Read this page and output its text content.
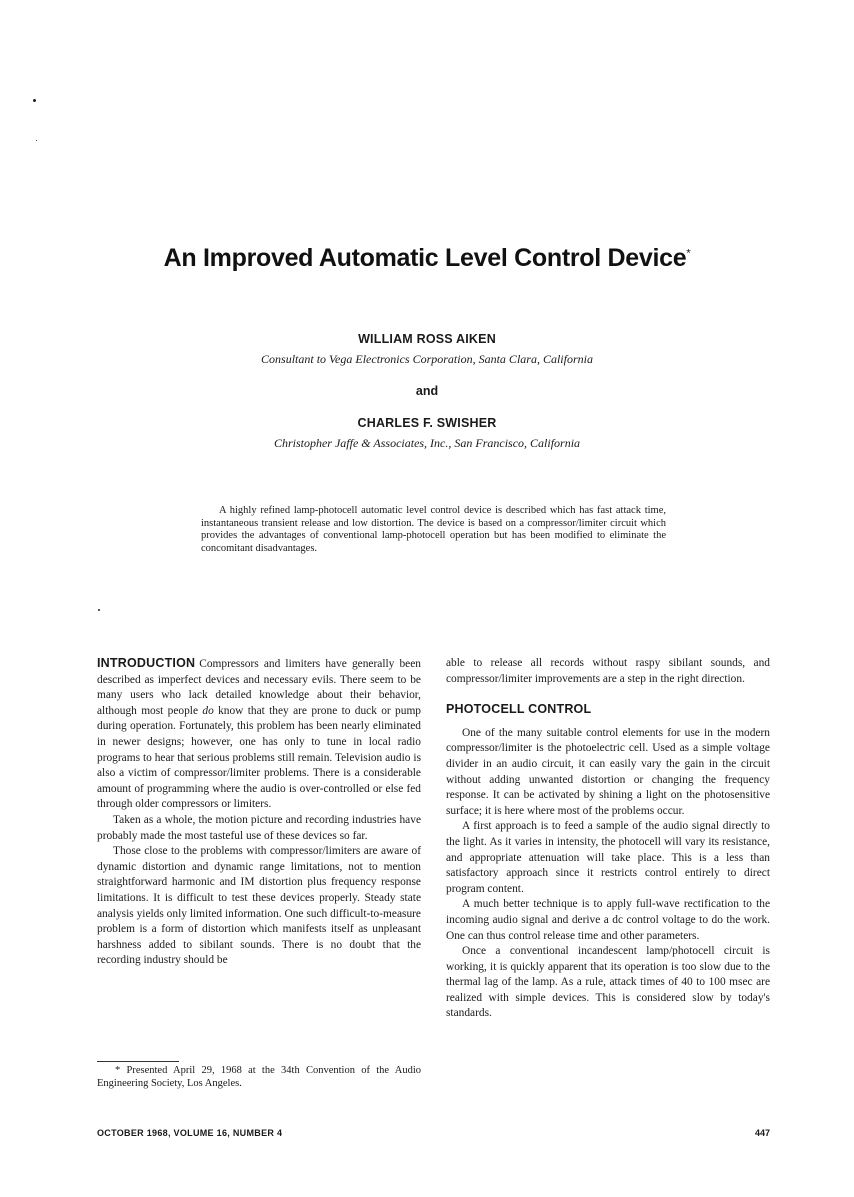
An Improved Automatic Level Control Device*
WILLIAM ROSS AIKEN
Consultant to Vega Electronics Corporation, Santa Clara, California
and
CHARLES F. SWISHER
Christopher Jaffe & Associates, Inc., San Francisco, California
A highly refined lamp-photocell automatic level control device is described which has fast attack time, instantaneous transient release and low distortion. The device is based on a compressor/limiter circuit which provides the advantages of conventional lamp-photocell operation but has been modified to eliminate the concomitant disadvantages.

INTRODUCTION Compressors and limiters have generally been described as imperfect devices and necessary evils. There seem to be many users who lack detailed knowledge about their behavior, although most people do know that they are prone to duck or pump during operation. Fortunately, this problem has been nearly eliminated in newer designs; however, one has only to tune in local radio programs to hear that serious problems still remain. Television audio is also a victim of compressor/limiter problems. There is a considerable amount of programming where the audio is over-controlled or else fed through older compressors or limiters.

Taken as a whole, the motion picture and recording industries have probably made the most tasteful use of these devices so far.

Those close to the problems with compressor/limiters are aware of dynamic distortion and dynamic range limitations, not to mention straightforward harmonic and IM distortion plus frequency response limitations. It is difficult to test these devices properly. Steady state analysis yields only limited information. One such difficult-to-measure problem is a form of distortion which manifests itself as unpleasant harshness added to sibilant sounds. There is no doubt that the recording industry should be

able to release all records without raspy sibilant sounds, and compressor/limiter improvements are a step in the right direction.

PHOTOCELL CONTROL

One of the many suitable control elements for use in the modern compressor/limiter is the photoelectric cell. Used as a simple voltage divider in an audio circuit, it can easily vary the gain in the circuit without adding unwanted distortion or changing the frequency response. It can be activated by shining a light on the photosensitive surface; it is here where most of the problems occur.

A first approach is to feed a sample of the audio signal directly to the light. As it varies in intensity, the photocell will vary its resistance, and appropriate attenuation will take place. This is a less than satisfactory approach since it restricts control entirely to direct program content.

A much better technique is to apply full-wave rectification to the incoming audio signal and derive a dc control voltage to do the work. One can thus control release time and other parameters.

Once a conventional incandescent lamp/photocell circuit is working, it is quickly apparent that its operation is too slow due to the thermal lag of the lamp. As a rule, attack times of 40 to 100 msec are realized with simple devices. This is considered slow by today's standards.

* Presented April 29, 1968 at the 34th Convention of the Audio Engineering Society, Los Angeles.
OCTOBER 1968, VOLUME 16, NUMBER 4	447
